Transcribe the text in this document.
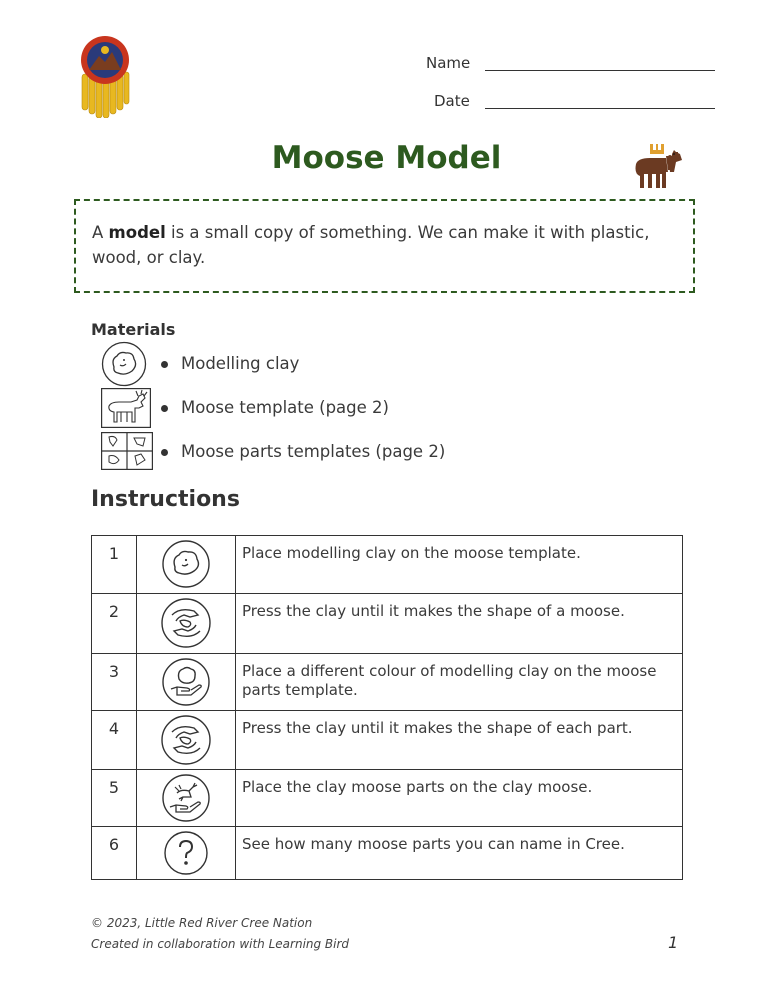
Name
Date
Moose Model
A model is a small copy of something. We can make it with plastic, wood, or clay.
Materials
Modelling clay
Moose template (page 2)
Moose parts templates (page 2)
Instructions
1		Place modelling clay on the moose template.
2		Press the clay until it makes the shape of a moose.
3		Place a different colour of modelling clay on the moose parts template.
4		Press the clay until it makes the shape of each part.
5		Place the clay moose parts on the clay moose.
6		See how many moose parts you can name in Cree.
© 2023, Little Red River Cree Nation
Created in collaboration with Learning Bird	1
